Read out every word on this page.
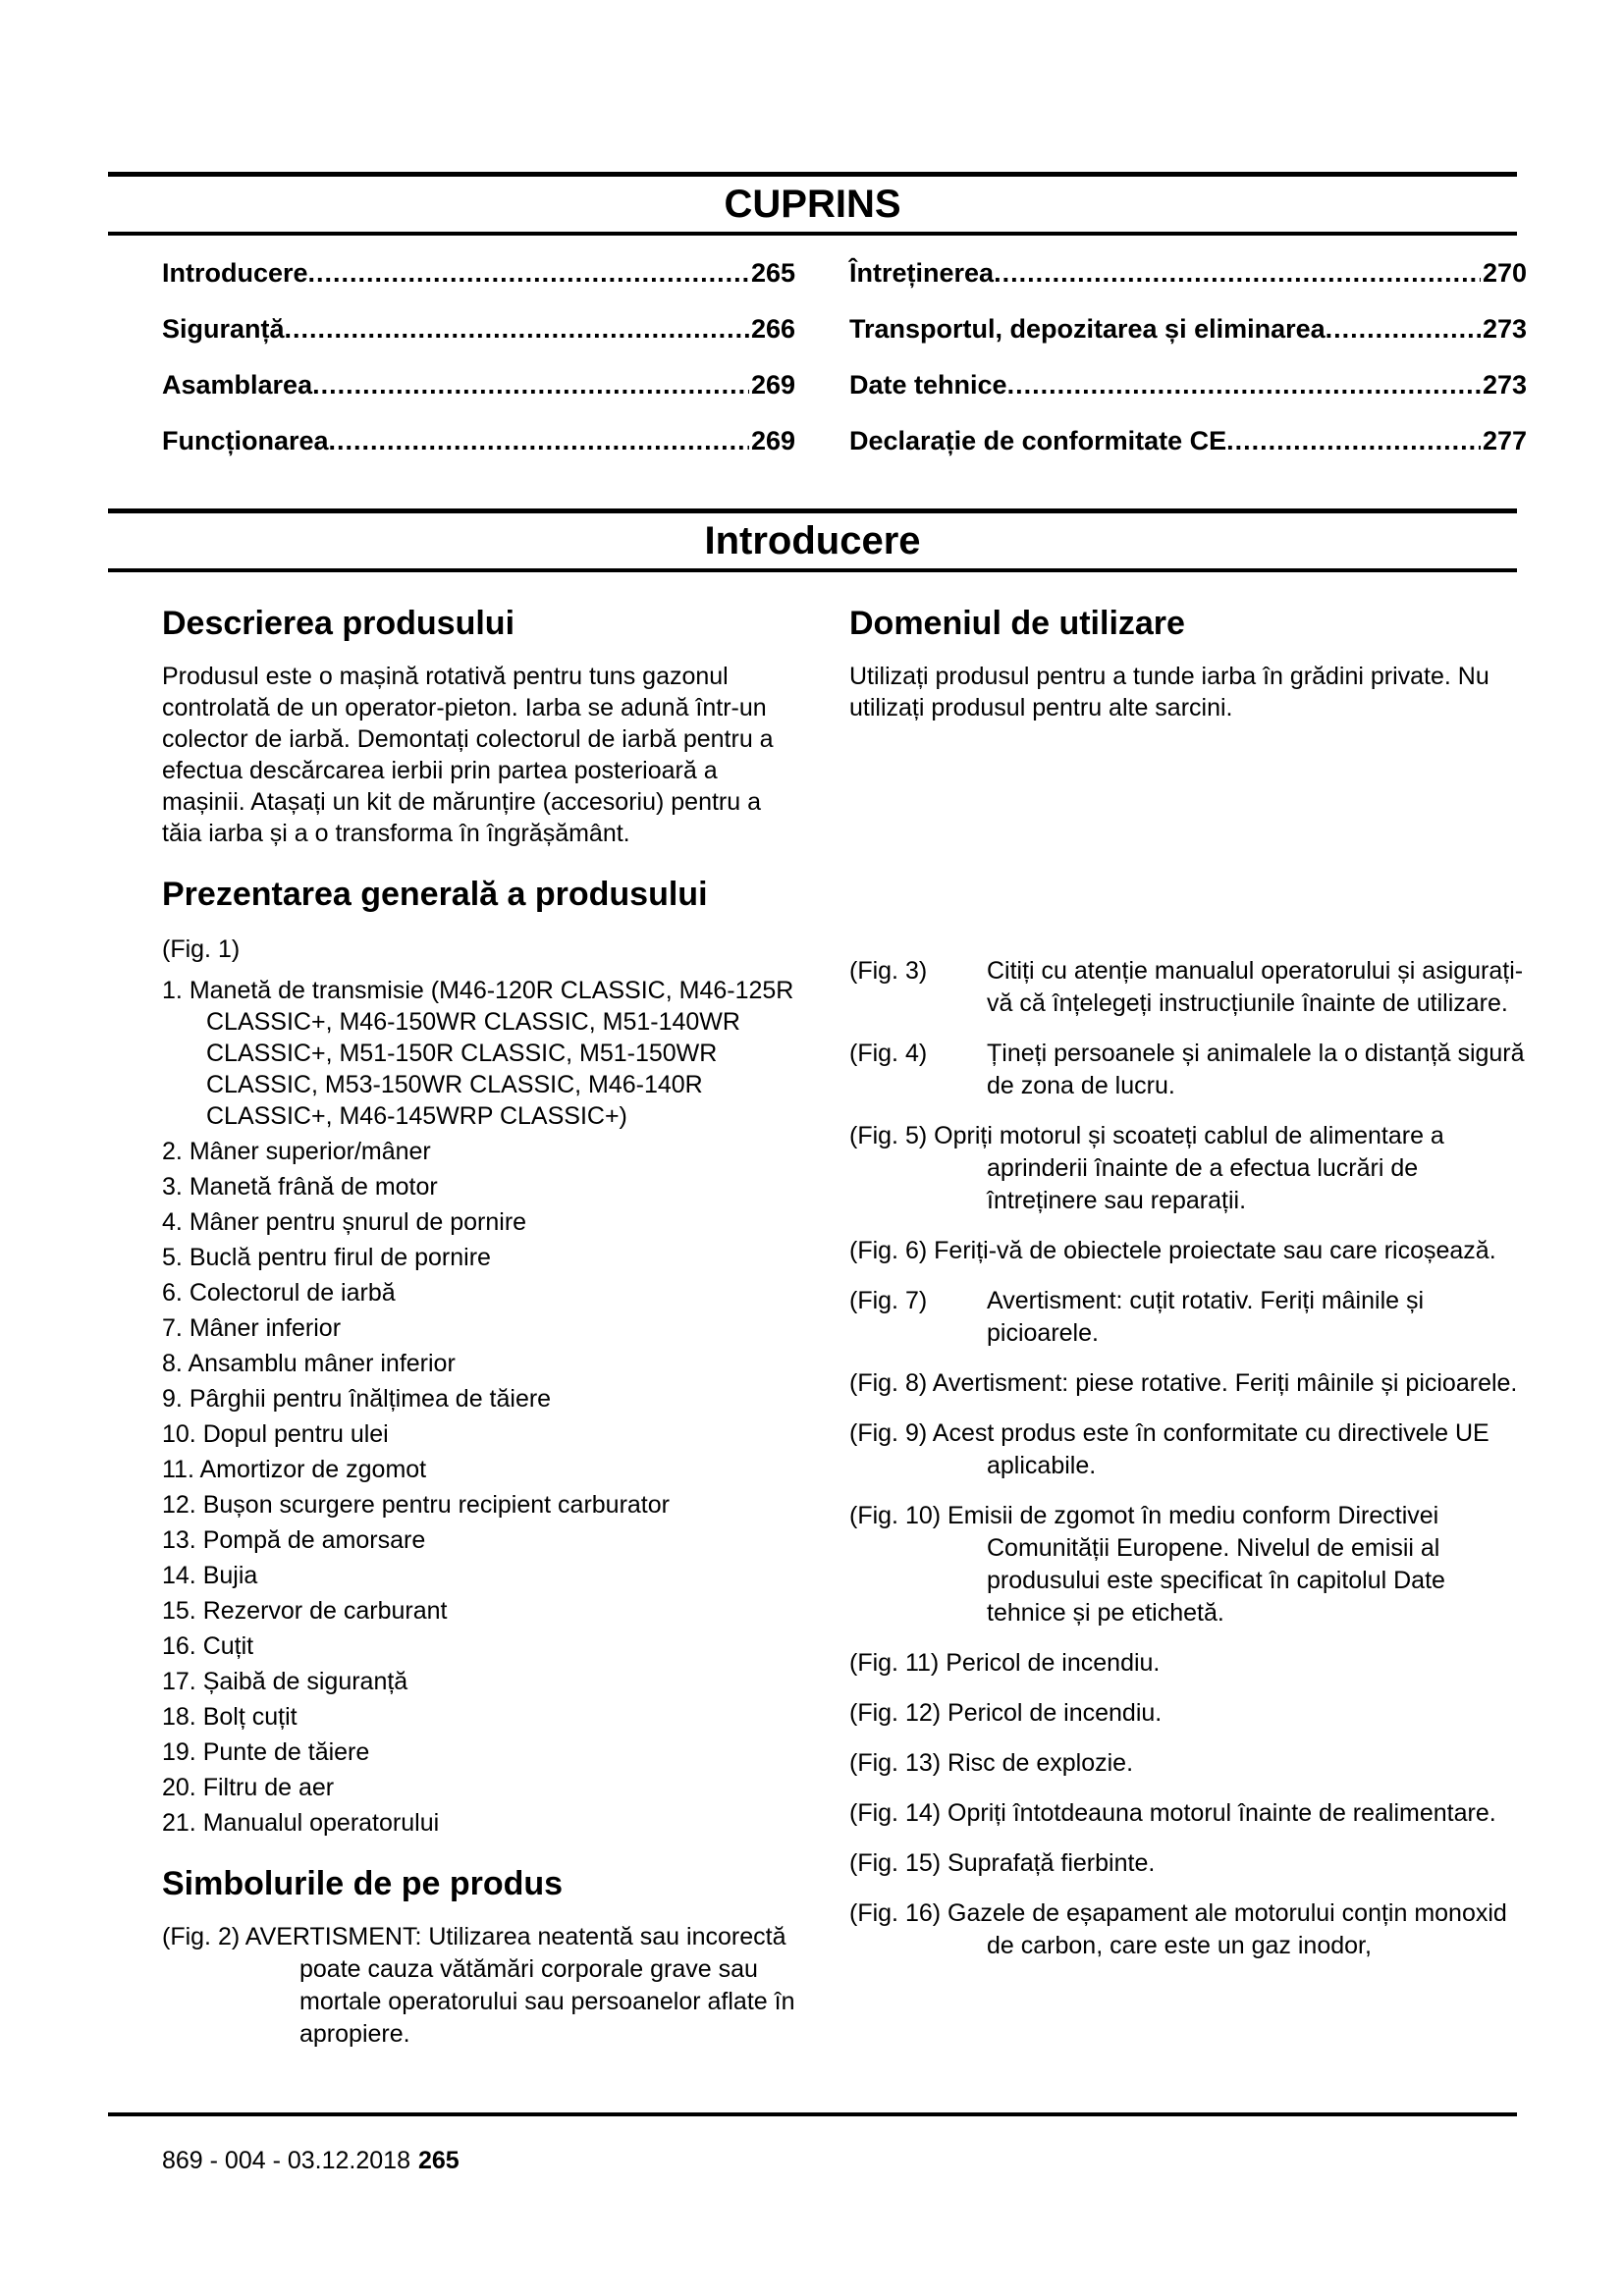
CUPRINS
Introducere .....	265
Siguranță .....	266
Asamblarea .....	269
Funcționarea .....	269
Întreținerea .....	270
Transportul, depozitarea și eliminarea .....	273
Date tehnice .....	273
Declarație de conformitate CE .....	277
Introducere
Descrierea produsului

Produsul este o mașină rotativă pentru tuns gazonul controlată de un operator-pieton. Iarba se adună într-un colector de iarbă. Demontați colectorul de iarbă pentru a efectua descărcarea ierbii prin partea posterioară a mașinii. Atașați un kit de mărunțire (accesoriu) pentru a tăia iarba și a o transforma în îngrășământ.

Prezentarea generală a produsului

(Fig. 1)

1. Manetă de transmisie (M46-120R CLASSIC, M46-125R CLASSIC+, M46-150WR CLASSIC, M51-140WR CLASSIC+, M51-150R CLASSIC, M51-150WR CLASSIC, M53-150WR CLASSIC, M46-140R CLASSIC+, M46-145WRP CLASSIC+)
2. Mâner superior/mâner
3. Manetă frână de motor
4. Mâner pentru șnurul de pornire
5. Buclă pentru firul de pornire
6. Colectorul de iarbă
7. Mâner inferior
8. Ansamblu mâner inferior
9. Pârghii pentru înălțimea de tăiere
10. Dopul pentru ulei
11. Amortizor de zgomot
12. Bușon scurgere pentru recipient carburator
13. Pompă de amorsare
14. Bujia
15. Rezervor de carburant
16. Cuțit
17. Șaibă de siguranță
18. Bolț cuțit
19. Punte de tăiere
20. Filtru de aer
21. Manualul operatorului
Simbolurile de pe produs
(Fig. 2) AVERTISMENT: Utilizarea neatentă sau incorectă poate cauza vătămări corporale grave sau mortale operatorului sau persoanelor aflate în apropiere.
Domeniul de utilizare

Utilizați produsul pentru a tunde iarba în grădini private. Nu utilizați produsul pentru alte sarcini.

(Fig. 3)	Citiți cu atenție manualul operatorului și asigurați-vă că înțelegeți instrucțiunile înainte de utilizare.
(Fig. 4)	Țineți persoanele și animalele la o distanță sigură de zona de lucru.
(Fig. 5) Opriți motorul și scoateți cablul de alimentare a aprinderii înainte de a efectua lucrări de întreținere sau reparații.
(Fig. 6) Feriți-vă de obiectele proiectate sau care ricoșează.
(Fig. 7)	Avertisment: cuțit rotativ. Feriți mâinile și picioarele.
(Fig. 8) Avertisment: piese rotative. Feriți mâinile și picioarele.
(Fig. 9) Acest produs este în conformitate cu directivele UE aplicabile.
(Fig. 10) Emisii de zgomot în mediu conform Directivei Comunității Europene. Nivelul de emisii al produsului este specificat în capitolul Date tehnice și pe etichetă.
(Fig. 11) Pericol de incendiu.
(Fig. 12) Pericol de incendiu.
(Fig. 13) Risc de explozie.
(Fig. 14) Opriți întotdeauna motorul înainte de realimentare.
(Fig. 15) Suprafață fierbinte.
(Fig. 16) Gazele de eșapament ale motorului conțin monoxid de carbon, care este un gaz inodor,
869 - 004 - 03.12.2018 265
